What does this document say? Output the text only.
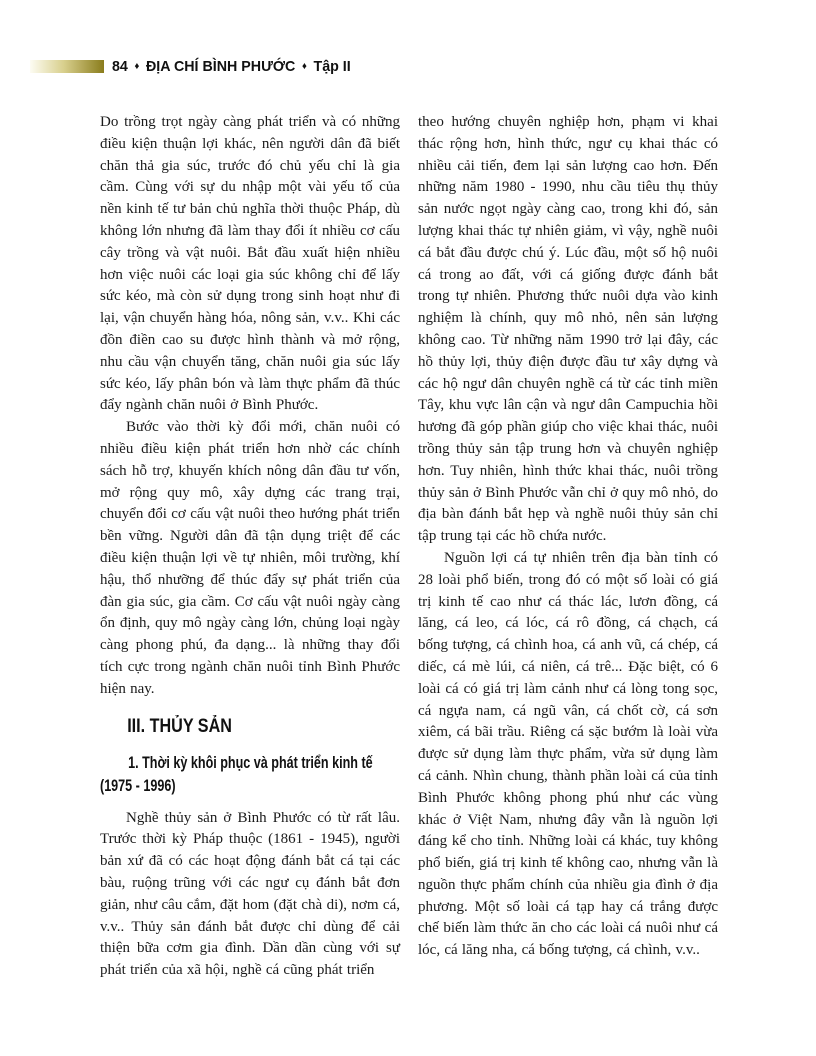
84 ♦ ĐỊA CHÍ BÌNH PHƯỚC ♦ Tập II

Do trồng trọt ngày càng phát triển và có những điều kiện thuận lợi khác, nên người dân đã biết chăn thả gia súc, trước đó chủ yếu chỉ là gia cầm. Cùng với sự du nhập một vài yếu tố của nền kinh tế tư bản chủ nghĩa thời thuộc Pháp, dù không lớn nhưng đã làm thay đổi ít nhiều cơ cấu cây trồng và vật nuôi. Bắt đầu xuất hiện nhiều hơn việc nuôi các loại gia súc không chỉ để lấy sức kéo, mà còn sử dụng trong sinh hoạt như đi lại, vận chuyển hàng hóa, nông sản, v.v.. Khi các đồn điền cao su được hình thành và mở rộng, nhu cầu vận chuyển tăng, chăn nuôi gia súc lấy sức kéo, lấy phân bón và làm thực phẩm đã thúc đẩy ngành chăn nuôi ở Bình Phước.

Bước vào thời kỳ đổi mới, chăn nuôi có nhiều điều kiện phát triển hơn nhờ các chính sách hỗ trợ, khuyến khích nông dân đầu tư vốn, mở rộng quy mô, xây dựng các trang trại, chuyển đổi cơ cấu vật nuôi theo hướng phát triển bền vững. Người dân đã tận dụng triệt để các điều kiện thuận lợi về tự nhiên, môi trường, khí hậu, thổ nhưỡng để thúc đẩy sự phát triển của đàn gia súc, gia cầm. Cơ cấu vật nuôi ngày càng ổn định, quy mô ngày càng lớn, chủng loại ngày càng phong phú, đa dạng... là những thay đổi tích cực trong ngành chăn nuôi tỉnh Bình Phước hiện nay.

III. THỦY SẢN
1. Thời kỳ khôi phục và phát triển kinh tế
(1975 - 1996)

Nghề thủy sản ở Bình Phước có từ rất lâu. Trước thời kỳ Pháp thuộc (1861 - 1945), người bản xứ đã có các hoạt động đánh bắt cá tại các bàu, ruộng trũng với các ngư cụ đánh bắt đơn giản, như câu cắm, đặt hom (đặt chà di), nơm cá, v.v.. Thủy sản đánh bắt được chỉ dùng để cải thiện bữa cơm gia đình. Dần dần cùng với sự phát triển của xã hội, nghề cá cũng phát triển

theo hướng chuyên nghiệp hơn, phạm vi khai thác rộng hơn, hình thức, ngư cụ khai thác có nhiều cải tiến, đem lại sản lượng cao hơn. Đến những năm 1980 - 1990, nhu cầu tiêu thụ thủy sản nước ngọt ngày càng cao, trong khi đó, sản lượng khai thác tự nhiên giảm, vì vậy, nghề nuôi cá bắt đầu được chú ý. Lúc đầu, một số hộ nuôi cá trong ao đất, với cá giống được đánh bắt trong tự nhiên. Phương thức nuôi dựa vào kinh nghiệm là chính, quy mô nhỏ, nên sản lượng không cao. Từ những năm 1990 trở lại đây, các hồ thủy lợi, thủy điện được đầu tư xây dựng và các hộ ngư dân chuyên nghề cá từ các tỉnh miền Tây, khu vực lân cận và ngư dân Campuchia hồi hương đã góp phần giúp cho việc khai thác, nuôi trồng thủy sản tập trung hơn và chuyên nghiệp hơn. Tuy nhiên, hình thức khai thác, nuôi trồng thủy sản ở Bình Phước vẫn chỉ ở quy mô nhỏ, do địa bàn đánh bắt hẹp và nghề nuôi thủy sản chỉ tập trung tại các hồ chứa nước.

Nguồn lợi cá tự nhiên trên địa bàn tỉnh có 28 loài phổ biến, trong đó có một số loài có giá trị kinh tế cao như cá thác lác, lươn đồng, cá lăng, cá leo, cá lóc, cá rô đồng, cá chạch, cá bống tượng, cá chình hoa, cá anh vũ, cá chép, cá diếc, cá mè lúi, cá niên, cá trê... Đặc biệt, có 6 loài cá có giá trị làm cảnh như cá lòng tong sọc, cá ngựa nam, cá ngũ vân, cá chốt cờ, cá sơn xiêm, cá bãi trầu. Riêng cá sặc bướm là loài vừa được sử dụng làm thực phẩm, vừa sử dụng làm cá cảnh. Nhìn chung, thành phần loài cá của tỉnh Bình Phước không phong phú như các vùng khác ở Việt Nam, nhưng đây vẫn là nguồn lợi đáng kể cho tỉnh. Những loài cá khác, tuy không phổ biến, giá trị kinh tế không cao, nhưng vẫn là nguồn thực phẩm chính của nhiều gia đình ở địa phương. Một số loài cá tạp hay cá trắng được chế biến làm thức ăn cho các loài cá nuôi như cá lóc, cá lăng nha, cá bống tượng, cá chình, v.v..
